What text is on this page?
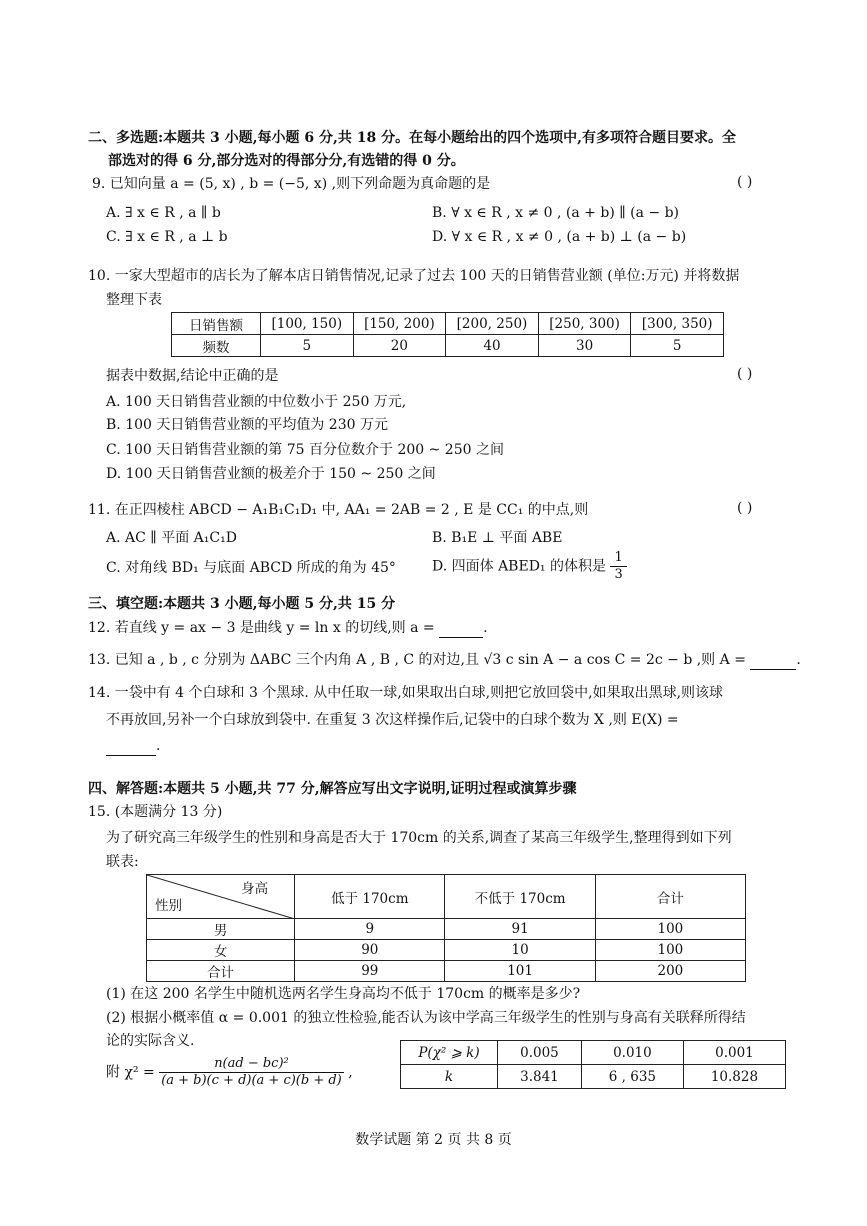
二、多选题:本题共 3 小题,每小题 6 分,共 18 分。在每小题给出的四个选项中,有多项符合题目要求。全
部选对的得 6 分,部分选对的得部分分,有选错的得 0 分。
9. 已知向量 a = (5, x) , b = (−5, x) ,则下列命题为真命题的是	( )
A. ∃ x ∈ R , a ∥ b	B. ∀ x ∈ R , x ≠ 0 , (a + b) ∥ (a − b)
C. ∃ x ∈ R , a ⊥ b	D. ∀ x ∈ R , x ≠ 0 , (a + b) ⊥ (a − b)
10. 一家大型超市的店长为了解本店日销售情况,记录了过去 100 天的日销售营业额 (单位:万元) 并将数据
整理下表
日销售额	[100, 150)	[150, 200)	[200, 250)	[250, 300)	[300, 350)
频数	5	20	40	30	5
据表中数据,结论中正确的是	( )
A. 100 天日销售营业额的中位数小于 250 万元,
B. 100 天日销售营业额的平均值为 230 万元
C. 100 天日销售营业额的第 75 百分位数介于 200 ~ 250 之间
D. 100 天日销售营业额的极差介于 150 ~ 250 之间
11. 在正四棱柱 ABCD − A₁B₁C₁D₁ 中, AA₁ = 2AB = 2 , E 是 CC₁ 的中点,则	( )
A. AC ∥ 平面 A₁C₁D	B. B₁E ⊥ 平面 ABE
C. 对角线 BD₁ 与底面 ABCD 所成的角为 45°	D. 四面体 ABED₁ 的体积是 $\frac{1}{3}$
三、填空题:本题共 3 小题,每小题 5 分,共 15 分
12. 若直线 y = ax − 3 是曲线 y = ln x 的切线,则 a =	.
13. 已知 a , b , c 分别为 ΔABC 三个内角 A , B , C 的对边,且 √3 c sin A − a cos C = 2c − b ,则 A =	.
14. 一袋中有 4 个白球和 3 个黑球. 从中任取一球,如果取出白球,则把它放回袋中,如果取出黑球,则该球
不再放回,另补一个白球放到袋中. 在重复 3 次这样操作后,记袋中的白球个数为 X ,则 E(X) =
.
四、解答题:本题共 5 小题,共 77 分,解答应写出文字说明,证明过程或演算步骤
15. (本题满分 13 分)
为了研究高三年级学生的性别和身高是否大于 170cm 的关系,调查了某高三年级学生,整理得到如下列
联表:
身高
性别	低于 170cm	不低于 170cm	合计
男	9	91	100
女	90	10	100
合计	99	101	200
(1) 在这 200 名学生中随机选两名学生身高均不低于 170cm 的概率是多少?
(2) 根据小概率值 α = 0.001 的独立性检验,能否认为该中学高三年级学生的性别与身高有关联释所得结
论的实际含义.
附 $\chi^2 = \frac{\text{n(ad − bc)²}}{(a + b)(c + d)(a + c)(b + d)}$ ,
P(χ² ⩾ k)	0.005	0.010	0.001
k	3.841	6 , 635	10.828
数学试题 第 2 页 共 8 页
